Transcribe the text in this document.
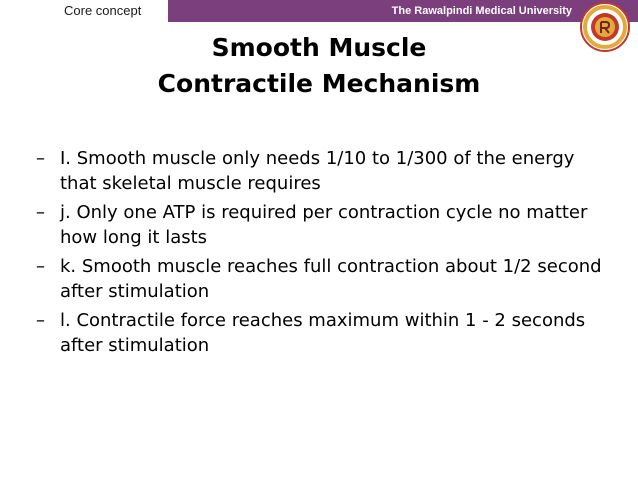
Core concept	The Rawalpindi Medical University
Smooth Muscle
Contractile Mechanism
– I. Smooth muscle only needs 1/10 to 1/300 of the energy that skeletal muscle requires
– j. Only one ATP is required per contraction cycle no matter how long it lasts
– k. Smooth muscle reaches full contraction about 1/2 second after stimulation
– l. Contractile force reaches maximum within 1 - 2 seconds after stimulation
